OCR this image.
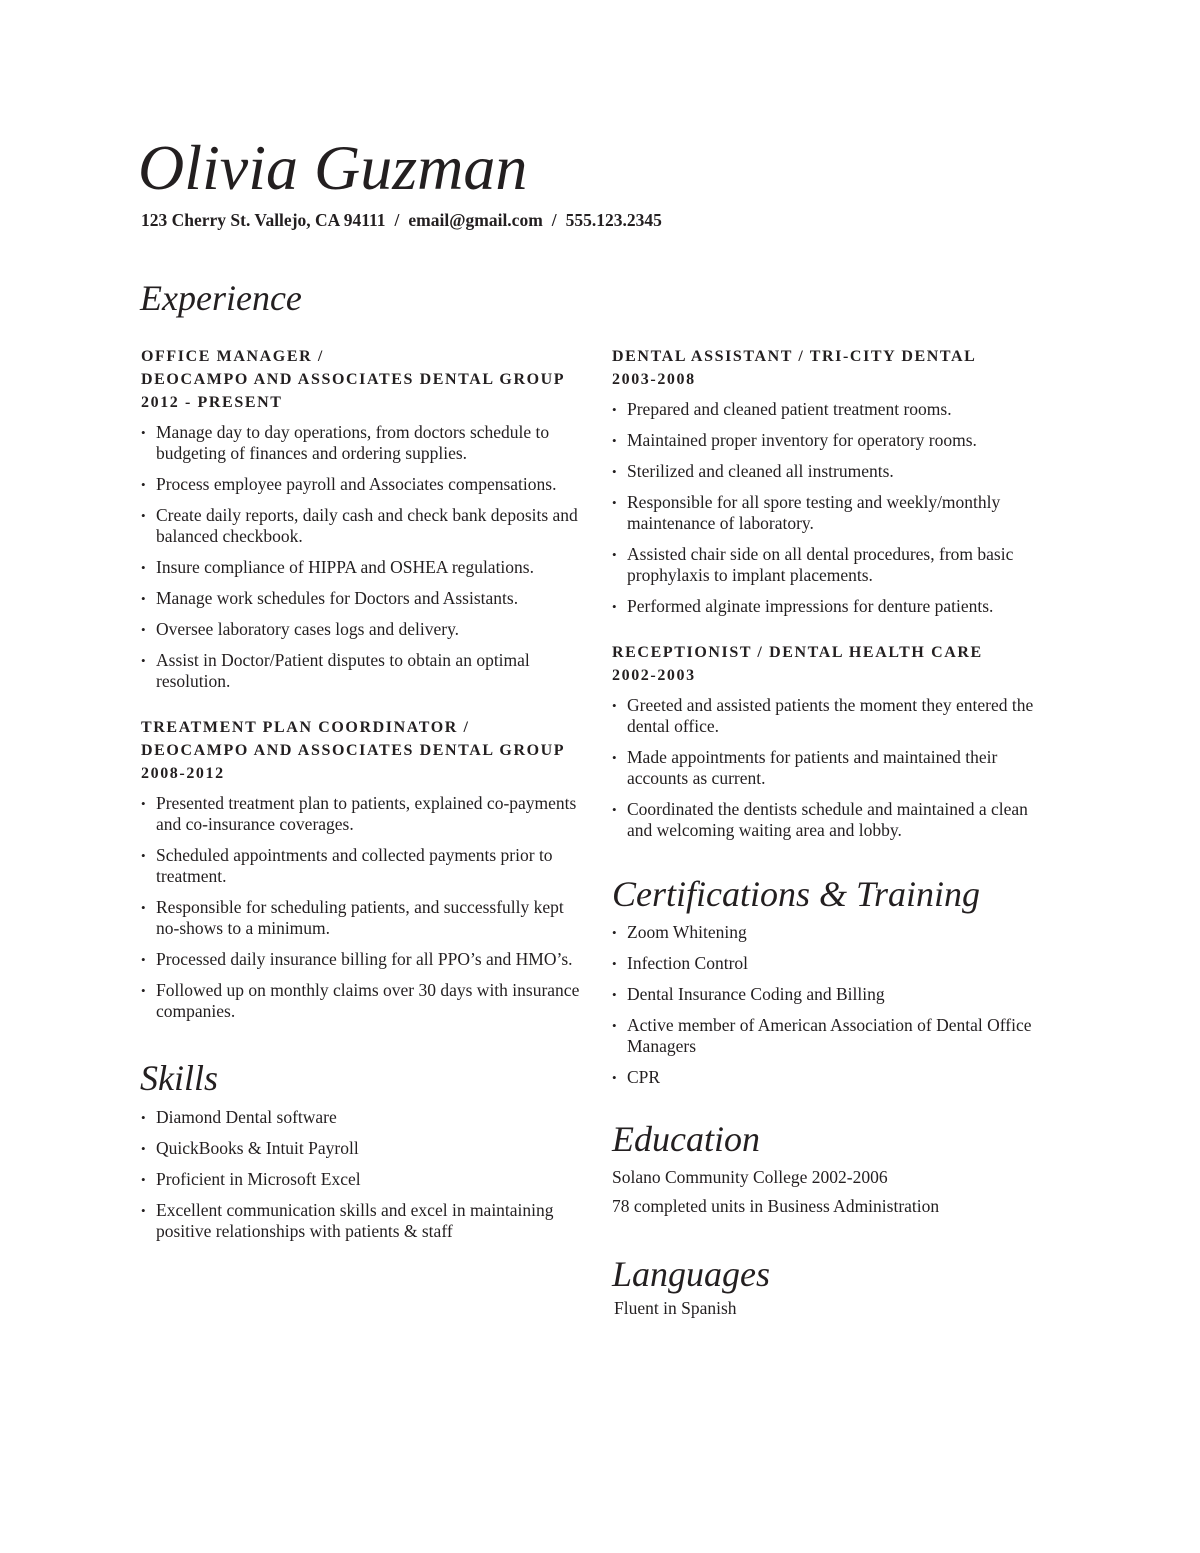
Olivia Guzman
123 Cherry St. Vallejo, CA 94111 / email@gmail.com / 555.123.2345
Experience
OFFICE MANAGER /
DEOCAMPO AND ASSOCIATES DENTAL GROUP
2012 - PRESENT
• Manage day to day operations, from doctors schedule to budgeting of finances and ordering supplies.
• Process employee payroll and Associates compensations.
• Create daily reports, daily cash and check bank deposits and balanced checkbook.
• Insure compliance of HIPPA and OSHEA regulations.
• Manage work schedules for Doctors and Assistants.
• Oversee laboratory cases logs and delivery.
• Assist in Doctor/Patient disputes to obtain an optimal resolution.
TREATMENT PLAN COORDINATOR /
DEOCAMPO AND ASSOCIATES DENTAL GROUP
2008-2012
• Presented treatment plan to patients, explained co-payments and co-insurance coverages.
• Scheduled appointments and collected payments prior to treatment.
• Responsible for scheduling patients, and successfully kept no-shows to a minimum.
• Processed daily insurance billing for all PPO’s and HMO’s.
• Followed up on monthly claims over 30 days with insurance companies.
Skills
• Diamond Dental software
• QuickBooks & Intuit Payroll
• Proficient in Microsoft Excel
• Excellent communication skills and excel in maintaining positive relationships with patients & staff
DENTAL ASSISTANT / TRI-CITY DENTAL
2003-2008
• Prepared and cleaned patient treatment rooms.
• Maintained proper inventory for operatory rooms.
• Sterilized and cleaned all instruments.
• Responsible for all spore testing and weekly/monthly maintenance of laboratory.
• Assisted chair side on all dental procedures, from basic prophylaxis to implant placements.
• Performed alginate impressions for denture patients.
RECEPTIONIST / DENTAL HEALTH CARE
2002-2003
• Greeted and assisted patients the moment they entered the dental office.
• Made appointments for patients and maintained their accounts as current.
• Coordinated the dentists schedule and maintained a clean and welcoming waiting area and lobby.
Certifications & Training
• Zoom Whitening
• Infection Control
• Dental Insurance Coding and Billing
• Active member of American Association of Dental Office Managers
• CPR
Education

Solano Community College 2002-2006

78 completed units in Business Administration

Languages

Fluent in Spanish
